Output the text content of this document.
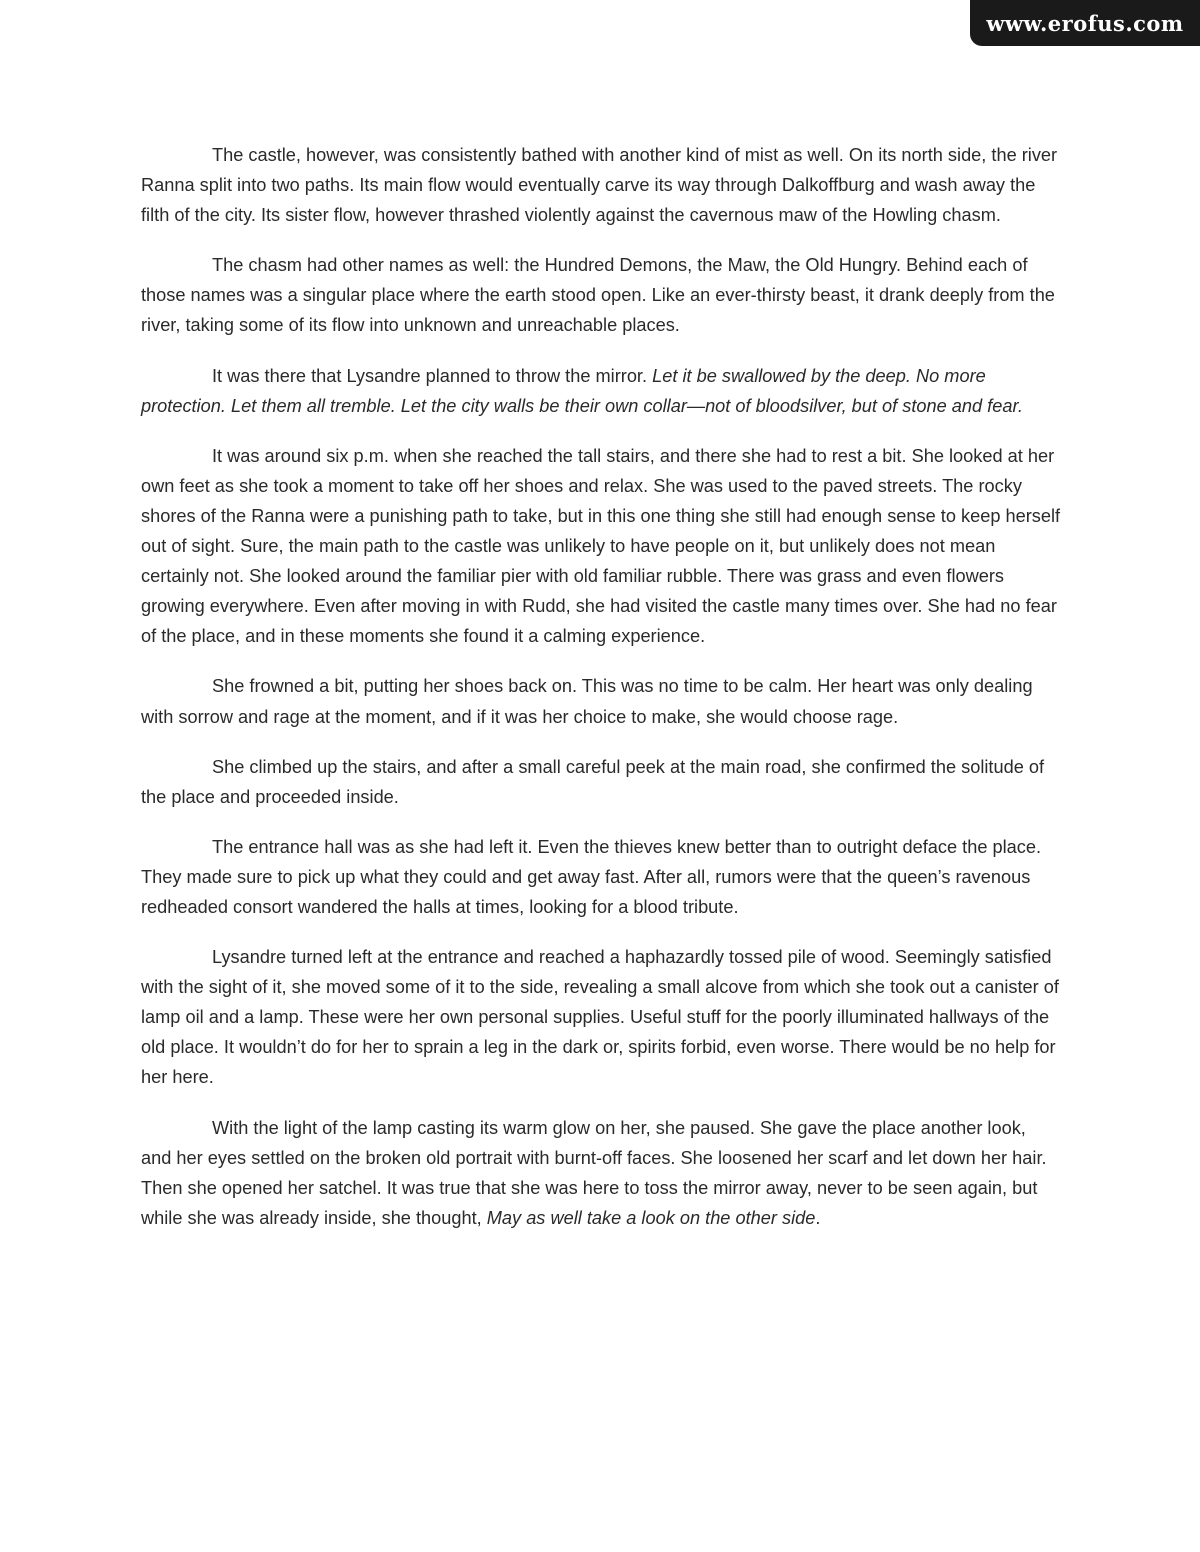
www.erofus.com

The castle, however, was consistently bathed with another kind of mist as well. On its north side, the river Ranna split into two paths. Its main flow would eventually carve its way through Dalkoffburg and wash away the filth of the city. Its sister flow, however thrashed violently against the cavernous maw of the Howling chasm.

The chasm had other names as well: the Hundred Demons, the Maw, the Old Hungry. Behind each of those names was a singular place where the earth stood open. Like an ever-thirsty beast, it drank deeply from the river, taking some of its flow into unknown and unreachable places.

It was there that Lysandre planned to throw the mirror. Let it be swallowed by the deep. No more protection. Let them all tremble. Let the city walls be their own collar—not of bloodsilver, but of stone and fear.

It was around six p.m. when she reached the tall stairs, and there she had to rest a bit. She looked at her own feet as she took a moment to take off her shoes and relax. She was used to the paved streets. The rocky shores of the Ranna were a punishing path to take, but in this one thing she still had enough sense to keep herself out of sight. Sure, the main path to the castle was unlikely to have people on it, but unlikely does not mean certainly not. She looked around the familiar pier with old familiar rubble. There was grass and even flowers growing everywhere. Even after moving in with Rudd, she had visited the castle many times over. She had no fear of the place, and in these moments she found it a calming experience.

She frowned a bit, putting her shoes back on. This was no time to be calm. Her heart was only dealing with sorrow and rage at the moment, and if it was her choice to make, she would choose rage.

She climbed up the stairs, and after a small careful peek at the main road, she confirmed the solitude of the place and proceeded inside.

The entrance hall was as she had left it. Even the thieves knew better than to outright deface the place. They made sure to pick up what they could and get away fast. After all, rumors were that the queen’s ravenous redheaded consort wandered the halls at times, looking for a blood tribute.

Lysandre turned left at the entrance and reached a haphazardly tossed pile of wood. Seemingly satisfied with the sight of it, she moved some of it to the side, revealing a small alcove from which she took out a canister of lamp oil and a lamp. These were her own personal supplies. Useful stuff for the poorly illuminated hallways of the old place. It wouldn’t do for her to sprain a leg in the dark or, spirits forbid, even worse. There would be no help for her here.

With the light of the lamp casting its warm glow on her, she paused. She gave the place another look, and her eyes settled on the broken old portrait with burnt-off faces. She loosened her scarf and let down her hair. Then she opened her satchel. It was true that she was here to toss the mirror away, never to be seen again, but while she was already inside, she thought, May as well take a look on the other side.
